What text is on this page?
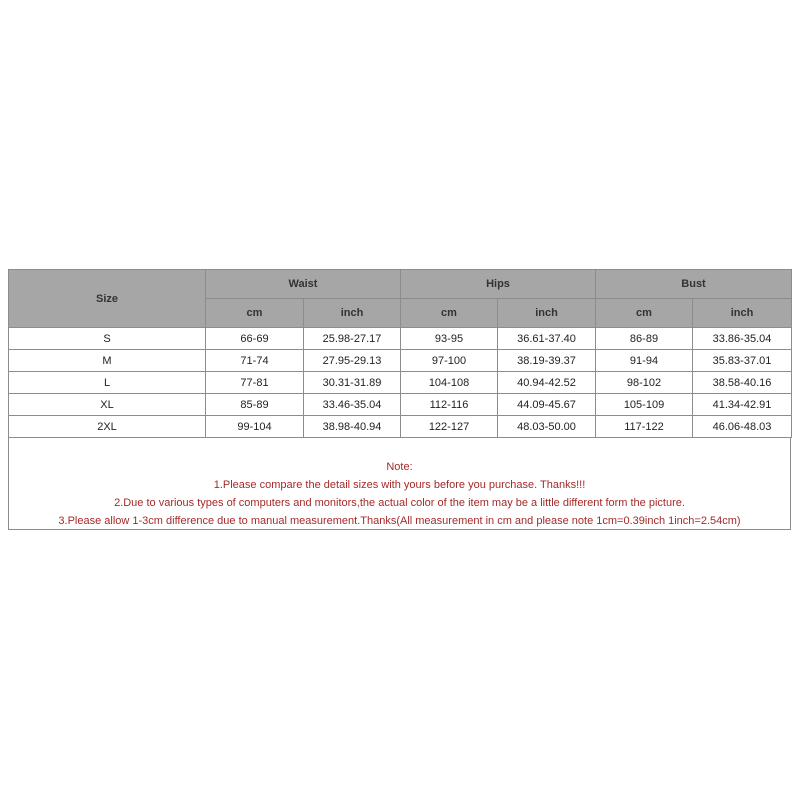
Size	Waist		Hips		Bust	
	cm	inch	cm	inch	cm	inch
S	66-69	25.98-27.17	93-95	36.61-37.40	86-89	33.86-35.04
M	71-74	27.95-29.13	97-100	38.19-39.37	91-94	35.83-37.01
L	77-81	30.31-31.89	104-108	40.94-42.52	98-102	38.58-40.16
XL	85-89	33.46-35.04	112-116	44.09-45.67	105-109	41.34-42.91
2XL	99-104	38.98-40.94	122-127	48.03-50.00	117-122	46.06-48.03

Note:

1.Please compare the detail sizes with yours before you purchase. Thanks!!!

2.Due to various types of computers and monitors,the actual color of the item may be a little different form the picture.

3.Please allow 1-3cm difference due to manual measurement.Thanks(All measurement in cm and please note 1cm=0.39inch 1inch=2.54cm)
